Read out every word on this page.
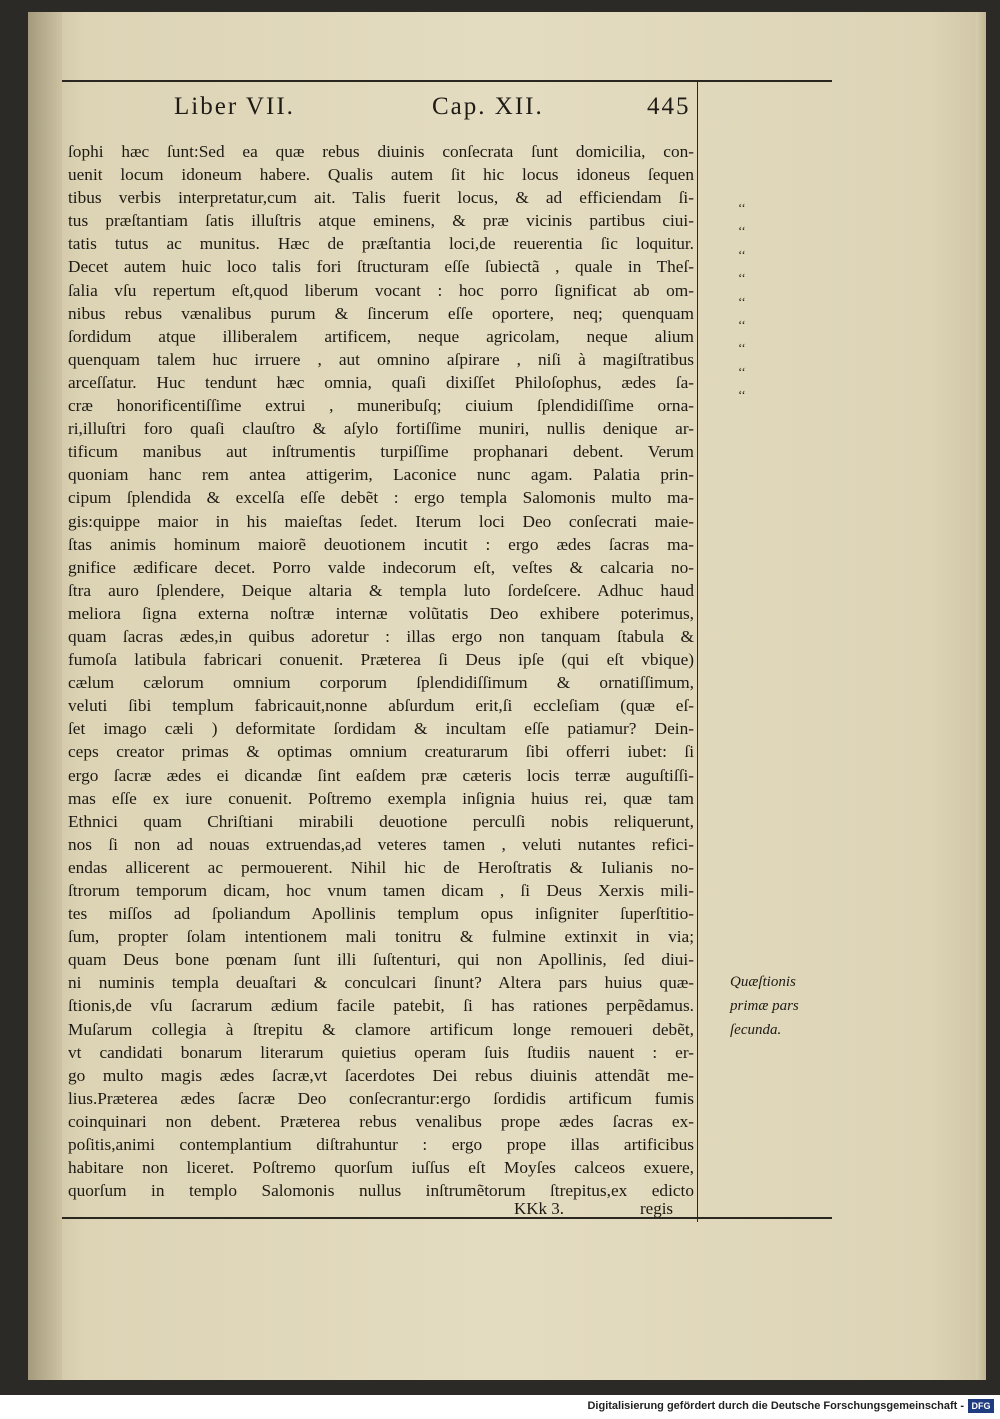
Liber VII.	Cap. XII.	445
ſophi hæc ſunt:Sed ea quæ rebus diuinis conſecrata ſunt domicilia, con-
uenit locum idoneum habere. Qualis autem ſit hic locus idoneus ſequen
tibus verbis interpretatur,cum ait. Talis fuerit locus, & ad efficiendam ſi-
tus præſtantiam ſatis illuſtris atque eminens, & præ vicinis partibus ciui-
tatis tutus ac munitus. Hæc de præſtantia loci,de reuerentia ſic loquitur.
Decet autem huic loco talis fori ſtructuram eſſe ſubiectã , quale in Theſ-
ſalia vſu repertum eſt,quod liberum vocant : hoc porro ſignificat ab om-
nibus rebus vænalibus purum & ſincerum eſſe oportere, neq; quenquam
ſordidum atque illiberalem artificem, neque agricolam, neque alium
quenquam talem huc irruere , aut omnino aſpirare , niſi à magiſtratibus
arceſſatur. Huc tendunt hæc omnia, quaſi dixiſſet Philoſophus, ædes ſa-
cræ honorificentiſſime extrui , muneribuſq; ciuium ſplendidiſſime orna-
ri,illuſtri foro quaſi clauſtro & aſylo fortiſſime muniri, nullis denique ar-
tificum manibus aut inſtrumentis turpiſſime prophanari debent. Verum
quoniam hanc rem antea attigerim, Laconice nunc agam. Palatia prin-
cipum ſplendida & excelſa eſſe debẽt : ergo templa Salomonis multo ma-
gis:quippe maior in his maieſtas ſedet. Iterum loci Deo conſecrati maie-
ſtas animis hominum maiorẽ deuotionem incutit : ergo ædes ſacras ma-
gnifice ædificare decet. Porro valde indecorum eſt, veſtes & calcaria no-
ſtra auro ſplendere, Deique altaria & templa luto ſordeſcere. Adhuc haud
meliora ſigna externa noſtræ internæ volũtatis Deo exhibere poterimus,
quam ſacras ædes,in quibus adoretur : illas ergo non tanquam ſtabula &
fumoſa latibula fabricari conuenit. Præterea ſi Deus ipſe (qui eſt vbique)
cælum cælorum omnium corporum ſplendidiſſimum & ornatiſſimum,
veluti ſibi templum fabricauit,nonne abſurdum erit,ſi eccleſiam (quæ eſ-
ſet imago cæli ) deformitate ſordidam & incultam eſſe patiamur? Dein-
ceps creator primas & optimas omnium creaturarum ſibi offerri iubet: ſi
ergo ſacræ ædes ei dicandæ ſint eaſdem præ cæteris locis terræ auguſtiſſi-
mas eſſe ex iure conuenit. Poſtremo exempla inſignia huius rei, quæ tam
Ethnici quam Chriſtiani mirabili deuotione perculſi nobis reliquerunt,
nos ſi non ad nouas extruendas,ad veteres tamen , veluti nutantes refici-
endas allicerent ac permouerent. Nihil hic de Heroſtratis & Iulianis no-
ſtrorum temporum dicam, hoc vnum tamen dicam , ſi Deus Xerxis mili-
tes miſſos ad ſpoliandum Apollinis templum opus inſigniter ſuperſtitio-
ſum, propter ſolam intentionem mali tonitru & fulmine extinxit in via;
quam Deus bone pœnam ſunt illi ſuſtenturi, qui non Apollinis, ſed diui-
ni numinis templa deuaſtari & conculcari ſinunt? Altera pars huius quæ-
ſtionis,de vſu ſacrarum ædium facile patebit, ſi has rationes perpẽdamus.
Muſarum collegia à ſtrepitu & clamore artificum longe remoueri debẽt,
vt candidati bonarum literarum quietius operam ſuis ſtudiis nauent : er-
go multo magis ædes ſacræ,vt ſacerdotes Dei rebus diuinis attendãt me-
lius.Præterea ædes ſacræ Deo conſecrantur:ergo ſordidis artificum fumis
coinquinari non debent. Præterea rebus venalibus prope ædes ſacras ex-
poſitis,animi contemplantium diſtrahuntur : ergo prope illas artificibus
habitare non liceret. Poſtremo quorſum iuſſus eſt Moyſes calceos exuere,
quorſum in templo Salomonis nullus inſtrumẽtorum ſtrepitus,ex edicto
‘‘
‘‘
‘‘
‘‘
‘‘
‘‘
‘‘
‘‘
‘‘
Quæſtionis
primæ pars
ſecunda.
KKk 3.	regis
Digitalisierung gefördert durch die Deutsche Forschungsgemeinschaft - DFG
